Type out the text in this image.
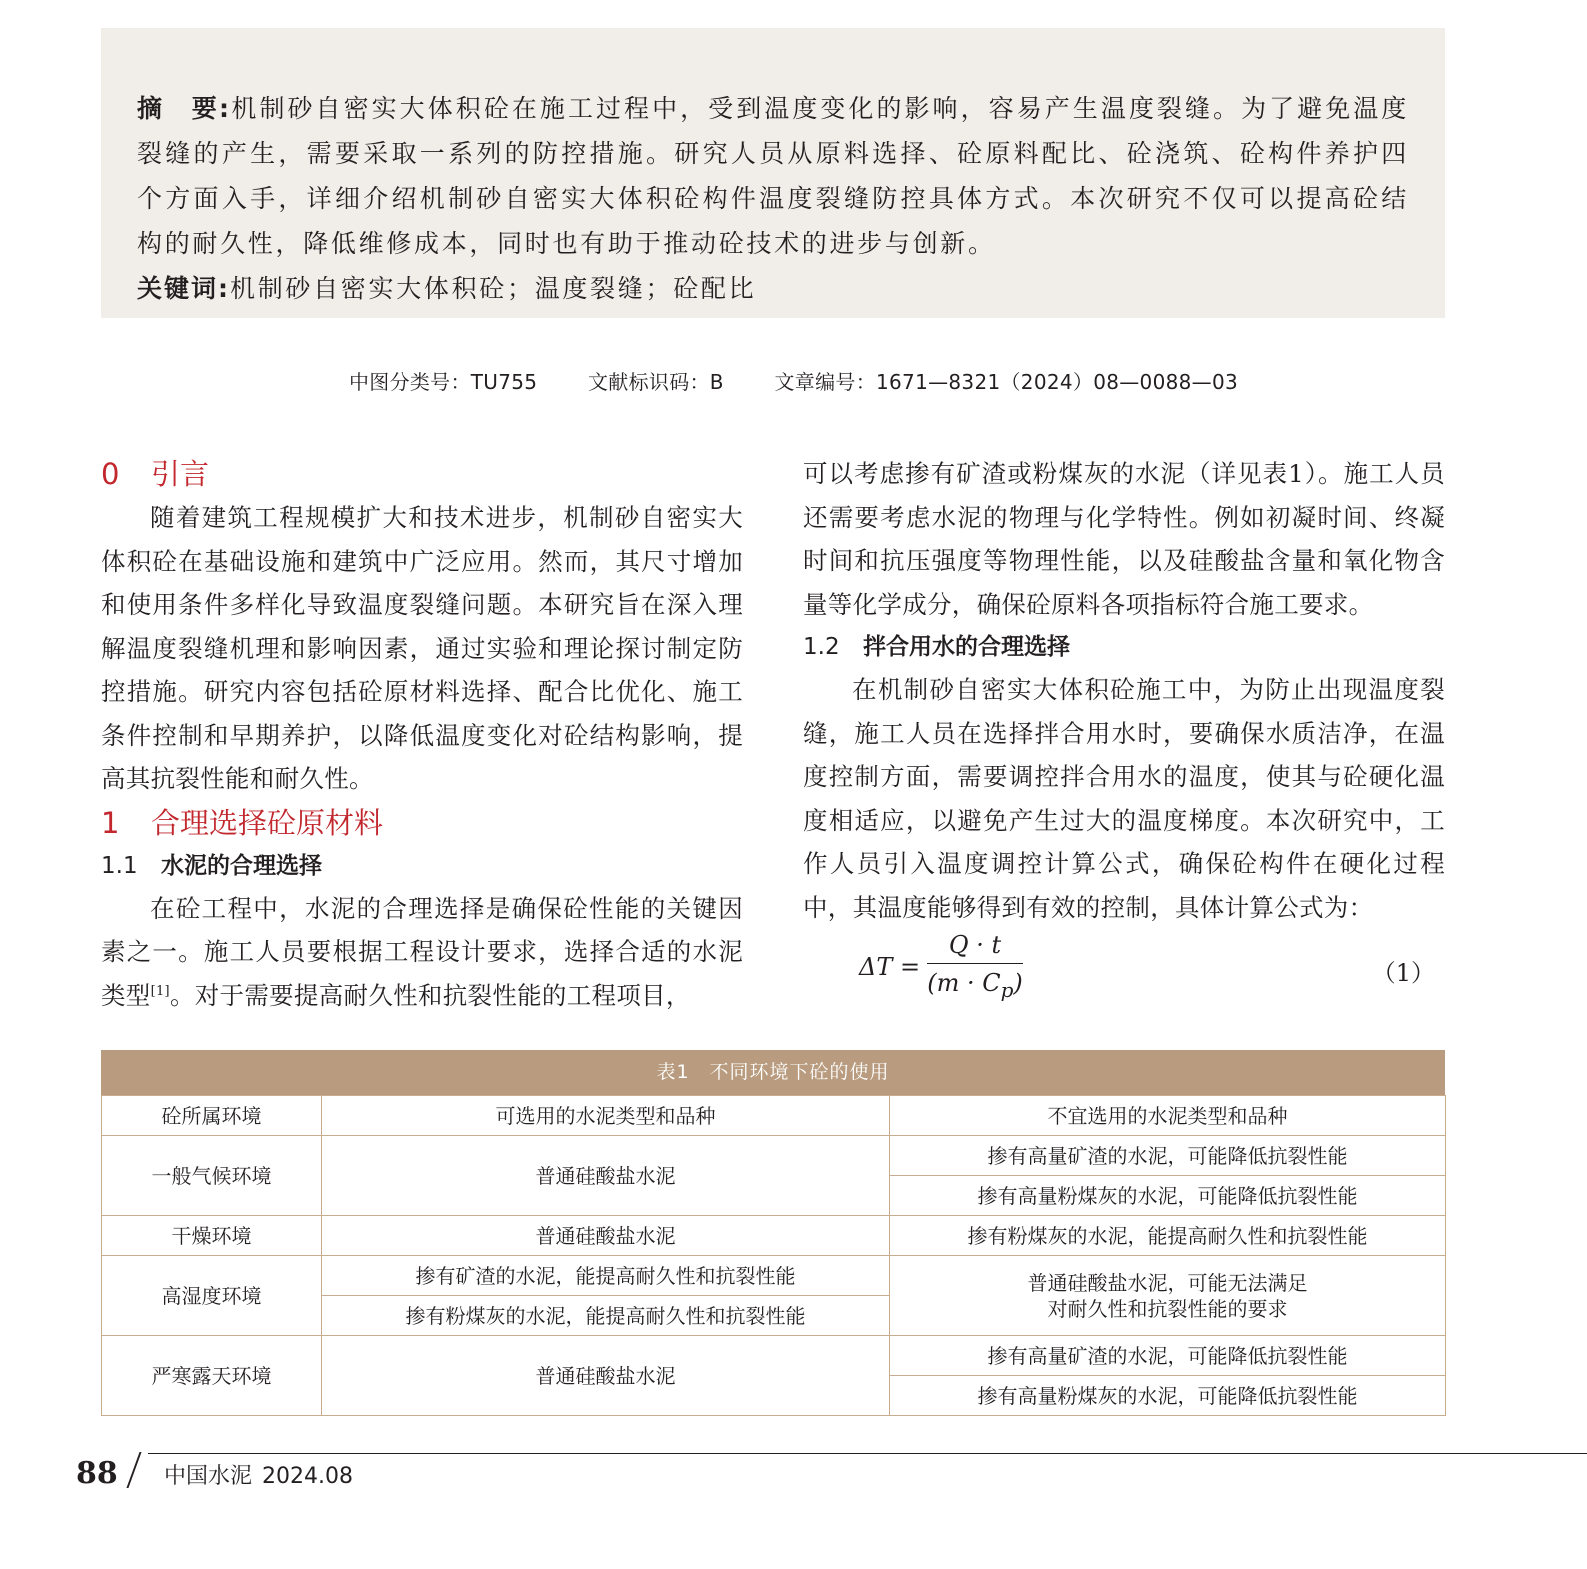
摘　要:机制砂自密实大体积砼在施工过程中，受到温度变化的影响，容易产生温度裂缝。为了避免温度裂缝的产生，需要采取一系列的防控措施。研究人员从原料选择、砼原料配比、砼浇筑、砼构件养护四个方面入手，详细介绍机制砂自密实大体积砼构件温度裂缝防控具体方式。本次研究不仅可以提高砼结构的耐久性，降低维修成本，同时也有助于推动砼技术的进步与创新。

关键词:机制砂自密实大体积砼；温度裂缝；砼配比

中图分类号：TU755	文献标识码：B	文章编号：1671—8321（2024）08—0088—03
0 引言

随着建筑工程规模扩大和技术进步，机制砂自密实大体积砼在基础设施和建筑中广泛应用。然而，其尺寸增加和使用条件多样化导致温度裂缝问题。本研究旨在深入理解温度裂缝机理和影响因素，通过实验和理论探讨制定防控措施。研究内容包括砼原材料选择、配合比优化、施工条件控制和早期养护，以降低温度变化对砼结构影响，提高其抗裂性能和耐久性。

1 合理选择砼原材料
1.1 水泥的合理选择

在砼工程中，水泥的合理选择是确保砼性能的关键因素之一。施工人员要根据工程设计要求，选择合适的水泥类型[1]。对于需要提高耐久性和抗裂性能的工程项目，

可以考虑掺有矿渣或粉煤灰的水泥（详见表1）。施工人员还需要考虑水泥的物理与化学特性。例如初凝时间、终凝时间和抗压强度等物理性能，以及硅酸盐含量和氧化物含量等化学成分，确保砼原料各项指标符合施工要求。

1.2 拌合用水的合理选择

在机制砂自密实大体积砼施工中，为防止出现温度裂缝，施工人员在选择拌合用水时，要确保水质洁净，在温度控制方面，需要调控拌合用水的温度，使其与砼硬化温度相适应，以避免产生过大的温度梯度。本次研究中，工作人员引入温度调控计算公式，确保砼构件在硬化过程中，其温度能够得到有效的控制，具体计算公式为：

ΔT =
Q · t
$(m \cdot C_p)$	（1）
表1　不同环境下砼的使用
砼所属环境	可选用的水泥类型和品种	不宜选用的水泥类型和品种
一般气候环境	普通硅酸盐水泥	掺有高量矿渣的水泥，可能降低抗裂性能
		掺有高量粉煤灰的水泥，可能降低抗裂性能
干燥环境	普通硅酸盐水泥	掺有粉煤灰的水泥，能提高耐久性和抗裂性能
高湿度环境	掺有矿渣的水泥，能提高耐久性和抗裂性能	普通硅酸盐水泥，可能无法满足
对耐久性和抗裂性能的要求
	掺有粉煤灰的水泥，能提高耐久性和抗裂性能	
严寒露天环境	普通硅酸盐水泥	掺有高量矿渣的水泥，可能降低抗裂性能
		掺有高量粉煤灰的水泥，可能降低抗裂性能
88 中国水泥 2024.08
